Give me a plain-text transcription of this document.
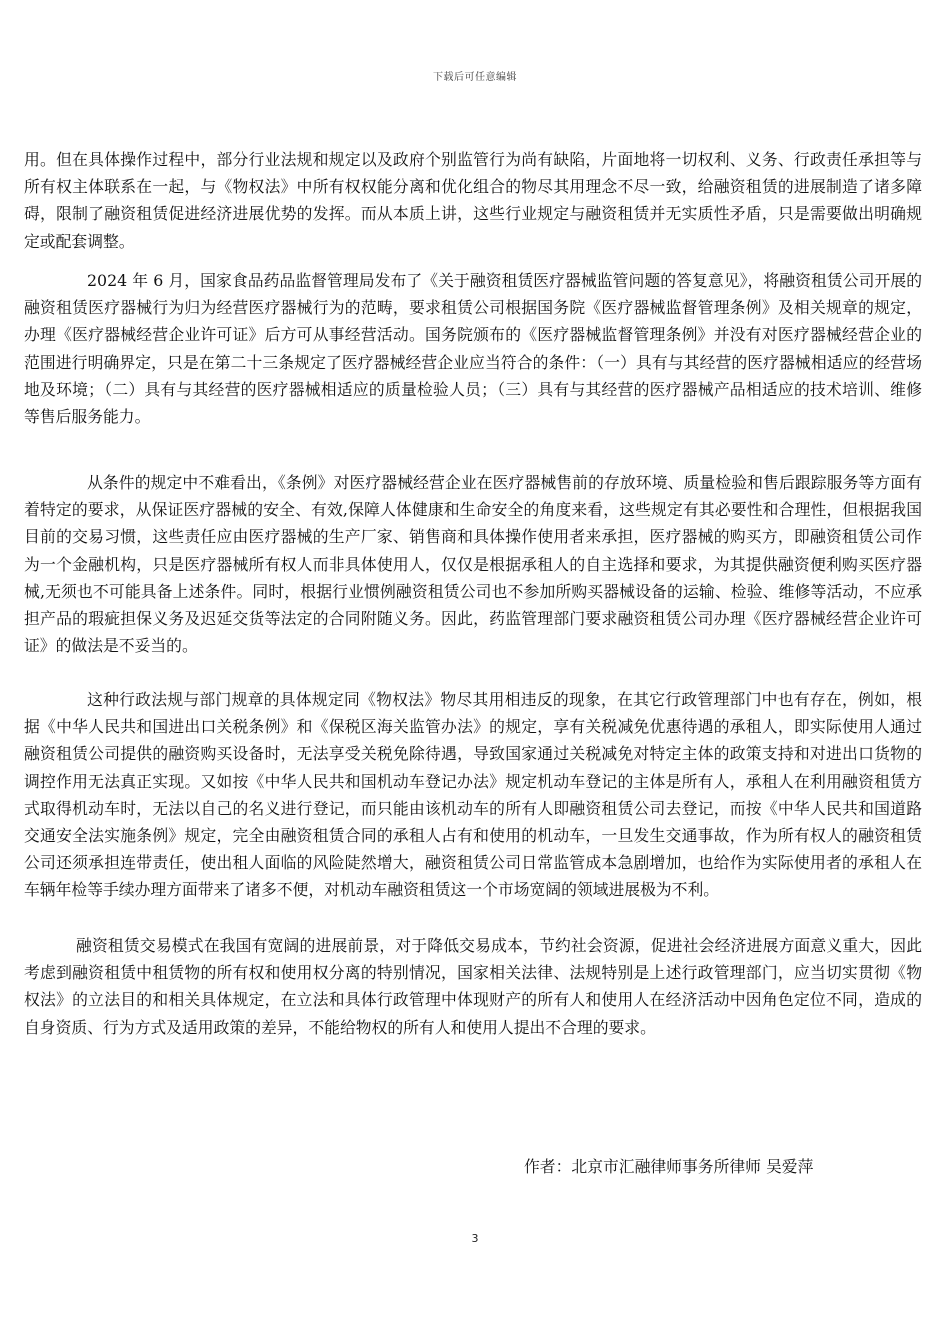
下载后可任意编辑

用。但在具体操作过程中，部分行业法规和规定以及政府个别监管行为尚有缺陷，片面地将一切权利、义务、行政责任承担等与所有权主体联系在一起，与《物权法》中所有权权能分离和优化组合的物尽其用理念不尽一致，给融资租赁的进展制造了诸多障碍，限制了融资租赁促进经济进展优势的发挥。而从本质上讲，这些行业规定与融资租赁并无实质性矛盾，只是需要做出明确规定或配套调整。

2024 年 6 月，国家食品药品监督管理局发布了《关于融资租赁医疗器械监管问题的答复意见》，将融资租赁公司开展的融资租赁医疗器械行为归为经营医疗器械行为的范畴，要求租赁公司根据国务院《医疗器械监督管理条例》及相关规章的规定，办理《医疗器械经营企业许可证》后方可从事经营活动。国务院颁布的《医疗器械监督管理条例》并没有对医疗器械经营企业的范围进行明确界定，只是在第二十三条规定了医疗器械经营企业应当符合的条件：（一）具有与其经营的医疗器械相适应的经营场地及环境；（二）具有与其经营的医疗器械相适应的质量检验人员；（三）具有与其经营的医疗器械产品相适应的技术培训、维修等售后服务能力。

从条件的规定中不难看出，《条例》对医疗器械经营企业在医疗器械售前的存放环境、质量检验和售后跟踪服务等方面有着特定的要求，从保证医疗器械的安全、有效,保障人体健康和生命安全的角度来看，这些规定有其必要性和合理性，但根据我国目前的交易习惯，这些责任应由医疗器械的生产厂家、销售商和具体操作使用者来承担，医疗器械的购买方，即融资租赁公司作为一个金融机构，只是医疗器械所有权人而非具体使用人，仅仅是根据承租人的自主选择和要求，为其提供融资便利购买医疗器械,无须也不可能具备上述条件。同时，根据行业惯例融资租赁公司也不参加所购买器械设备的运输、检验、维修等活动，不应承担产品的瑕疵担保义务及迟延交货等法定的合同附随义务。因此，药监管理部门要求融资租赁公司办理《医疗器械经营企业许可证》的做法是不妥当的。

这种行政法规与部门规章的具体规定同《物权法》物尽其用相违反的现象，在其它行政管理部门中也有存在，例如，根据《中华人民共和国进出口关税条例》和《保税区海关监管办法》的规定，享有关税减免优惠待遇的承租人，即实际使用人通过融资租赁公司提供的融资购买设备时，无法享受关税免除待遇，导致国家通过关税减免对特定主体的政策支持和对进出口货物的调控作用无法真正实现。又如按《中华人民共和国机动车登记办法》规定机动车登记的主体是所有人，承租人在利用融资租赁方式取得机动车时，无法以自己的名义进行登记，而只能由该机动车的所有人即融资租赁公司去登记，而按《中华人民共和国道路交通安全法实施条例》规定，完全由融资租赁合同的承租人占有和使用的机动车，一旦发生交通事故，作为所有权人的融资租赁公司还须承担连带责任，使出租人面临的风险陡然增大，融资租赁公司日常监管成本急剧增加，也给作为实际使用者的承租人在车辆年检等手续办理方面带来了诸多不便，对机动车融资租赁这一个市场宽阔的领域进展极为不利。

融资租赁交易模式在我国有宽阔的进展前景，对于降低交易成本，节约社会资源，促进社会经济进展方面意义重大，因此考虑到融资租赁中租赁物的所有权和使用权分离的特别情况，国家相关法律、法规特别是上述行政管理部门，应当切实贯彻《物权法》的立法目的和相关具体规定，在立法和具体行政管理中体现财产的所有人和使用人在经济活动中因角色定位不同，造成的自身资质、行为方式及适用政策的差异，不能给物权的所有人和使用人提出不合理的要求。

作者：北京市汇融律师事务所律师 吴爱萍
3
